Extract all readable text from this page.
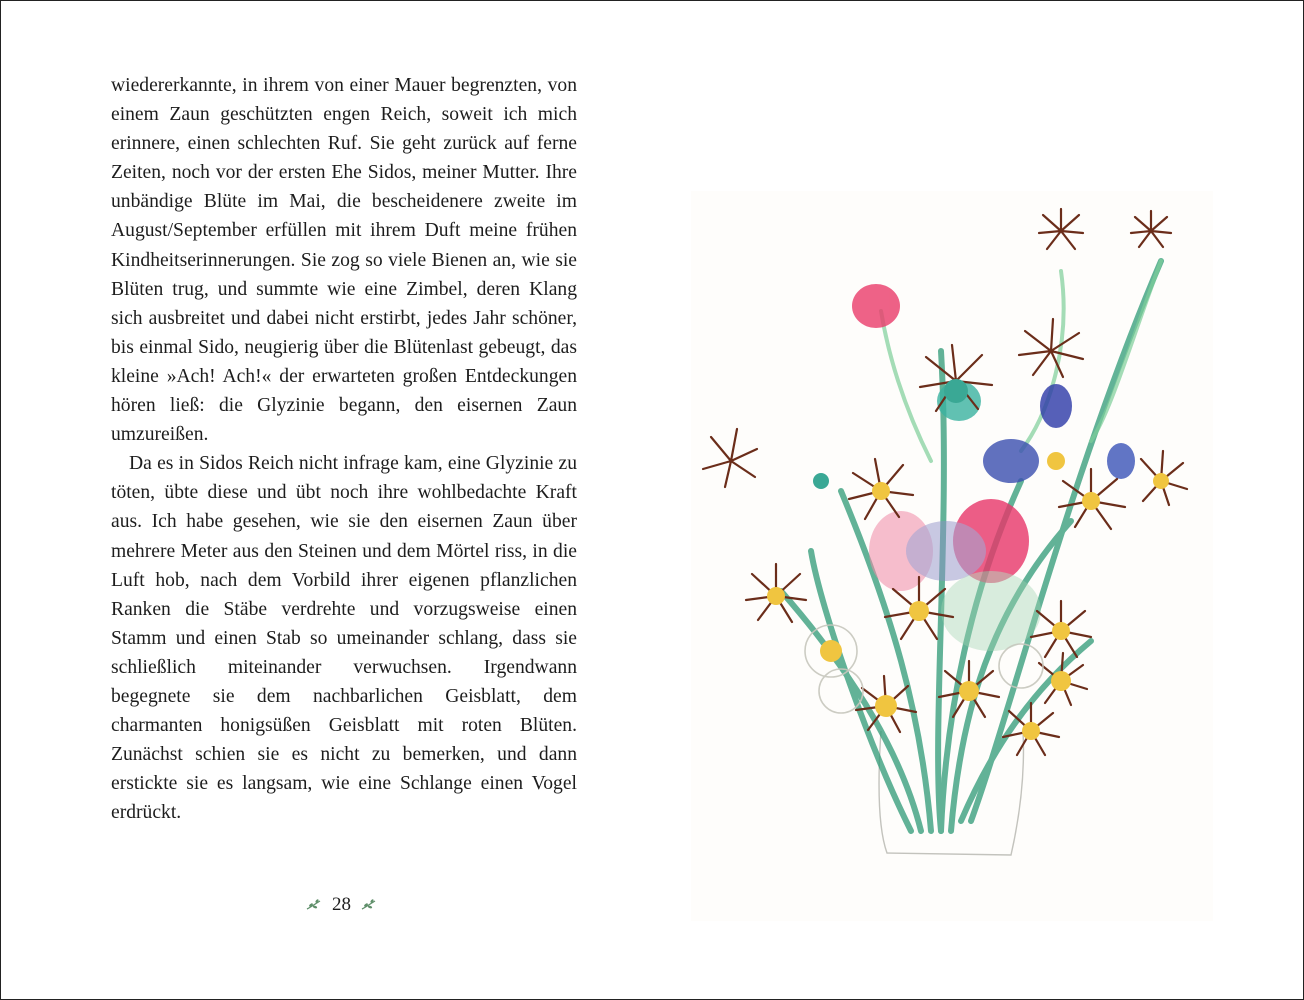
wiedererkannte, in ihrem von einer Mauer begrenzten, von einem Zaun geschützten engen Reich, soweit ich mich erinnere, einen schlechten Ruf. Sie geht zurück auf ferne Zeiten, noch vor der ersten Ehe Sidos, meiner Mutter. Ihre unbändige Blüte im Mai, die bescheidenere zweite im August/September erfüllen mit ihrem Duft meine frühen Kindheitserinnerungen. Sie zog so viele Bienen an, wie sie Blüten trug, und summte wie eine Zimbel, deren Klang sich ausbreitet und dabei nicht erstirbt, jedes Jahr schöner, bis einmal Sido, neugierig über die Blütenlast gebeugt, das kleine »Ach! Ach!« der erwarteten großen Entdeckungen hören ließ: die Glyzinie begann, den eisernen Zaun umzureißen.

Da es in Sidos Reich nicht infrage kam, eine Glyzinie zu töten, übte diese und übt noch ihre wohlbedachte Kraft aus. Ich habe gesehen, wie sie den eisernen Zaun über mehrere Meter aus den Steinen und dem Mörtel riss, in die Luft hob, nach dem Vorbild ihrer eigenen pflanzlichen Ranken die Stäbe verdrehte und vorzugsweise einen Stamm und einen Stab so umeinander schlang, dass sie schließlich miteinander verwuchsen. Irgendwann begegnete sie dem nachbarlichen Geisblatt, dem charmanten honigsüßen Geisblatt mit roten Blüten. Zunächst schien sie es nicht zu bemerken, und dann erstickte sie es langsam, wie eine Schlange einen Vogel erdrückt.

28
